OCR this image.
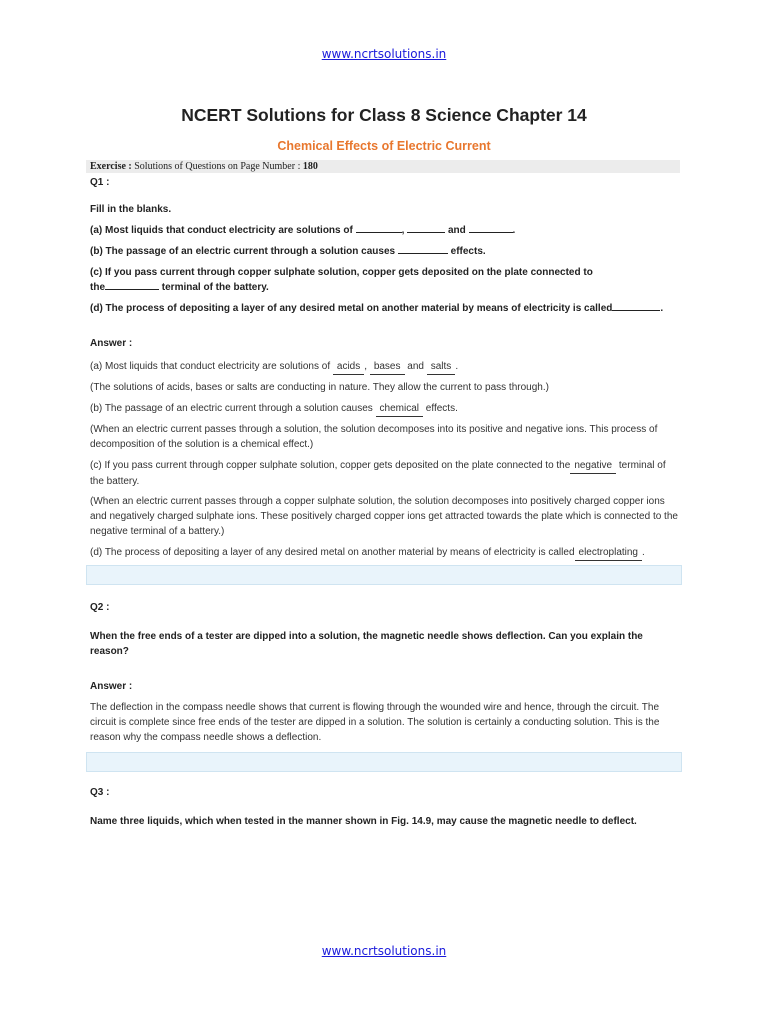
www.ncrtsolutions.in
NCERT Solutions for Class 8 Science Chapter 14
Chemical Effects of Electric Current
Exercise : Solutions of Questions on Page Number : 180
Q1 :
Fill in the blanks.
(a) Most liquids that conduct electricity are solutions of	,	and	.
(b) The passage of an electric current through a solution causes	effects.
(c) If you pass current through copper sulphate solution, copper gets deposited on the plate connected to
the	terminal of the battery.
(d) The process of depositing a layer of any desired metal on another material by means of electricity is called	.
Answer :
(a) Most liquids that conduct electricity are solutions of acids , bases and salts .
(The solutions of acids, bases or salts are conducting in nature. They allow the current to pass through.)
(b) The passage of an electric current through a solution causes chemical effects.
(When an electric current passes through a solution, the solution decomposes into its positive and negative ions. This process of decomposition of the solution is a chemical effect.)
(c) If you pass current through copper sulphate solution, copper gets deposited on the plate connected to the negative terminal of the battery.
(When an electric current passes through a copper sulphate solution, the solution decomposes into positively charged copper ions and negatively charged sulphate ions. These positively charged copper ions get attracted towards the plate which is connected to the negative terminal of a battery.)
(d) The process of depositing a layer of any desired metal on another material by means of electricity is called electroplating .
Q2 :
When the free ends of a tester are dipped into a solution, the magnetic needle shows deflection. Can you explain the reason?
Answer :
The deflection in the compass needle shows that current is flowing through the wounded wire and hence, through the circuit. The circuit is complete since free ends of the tester are dipped in a solution. The solution is certainly a conducting solution. This is the reason why the compass needle shows a deflection.
Q3 :
Name three liquids, which when tested in the manner shown in Fig. 14.9, may cause the magnetic needle to deflect.
www.ncrtsolutions.in
